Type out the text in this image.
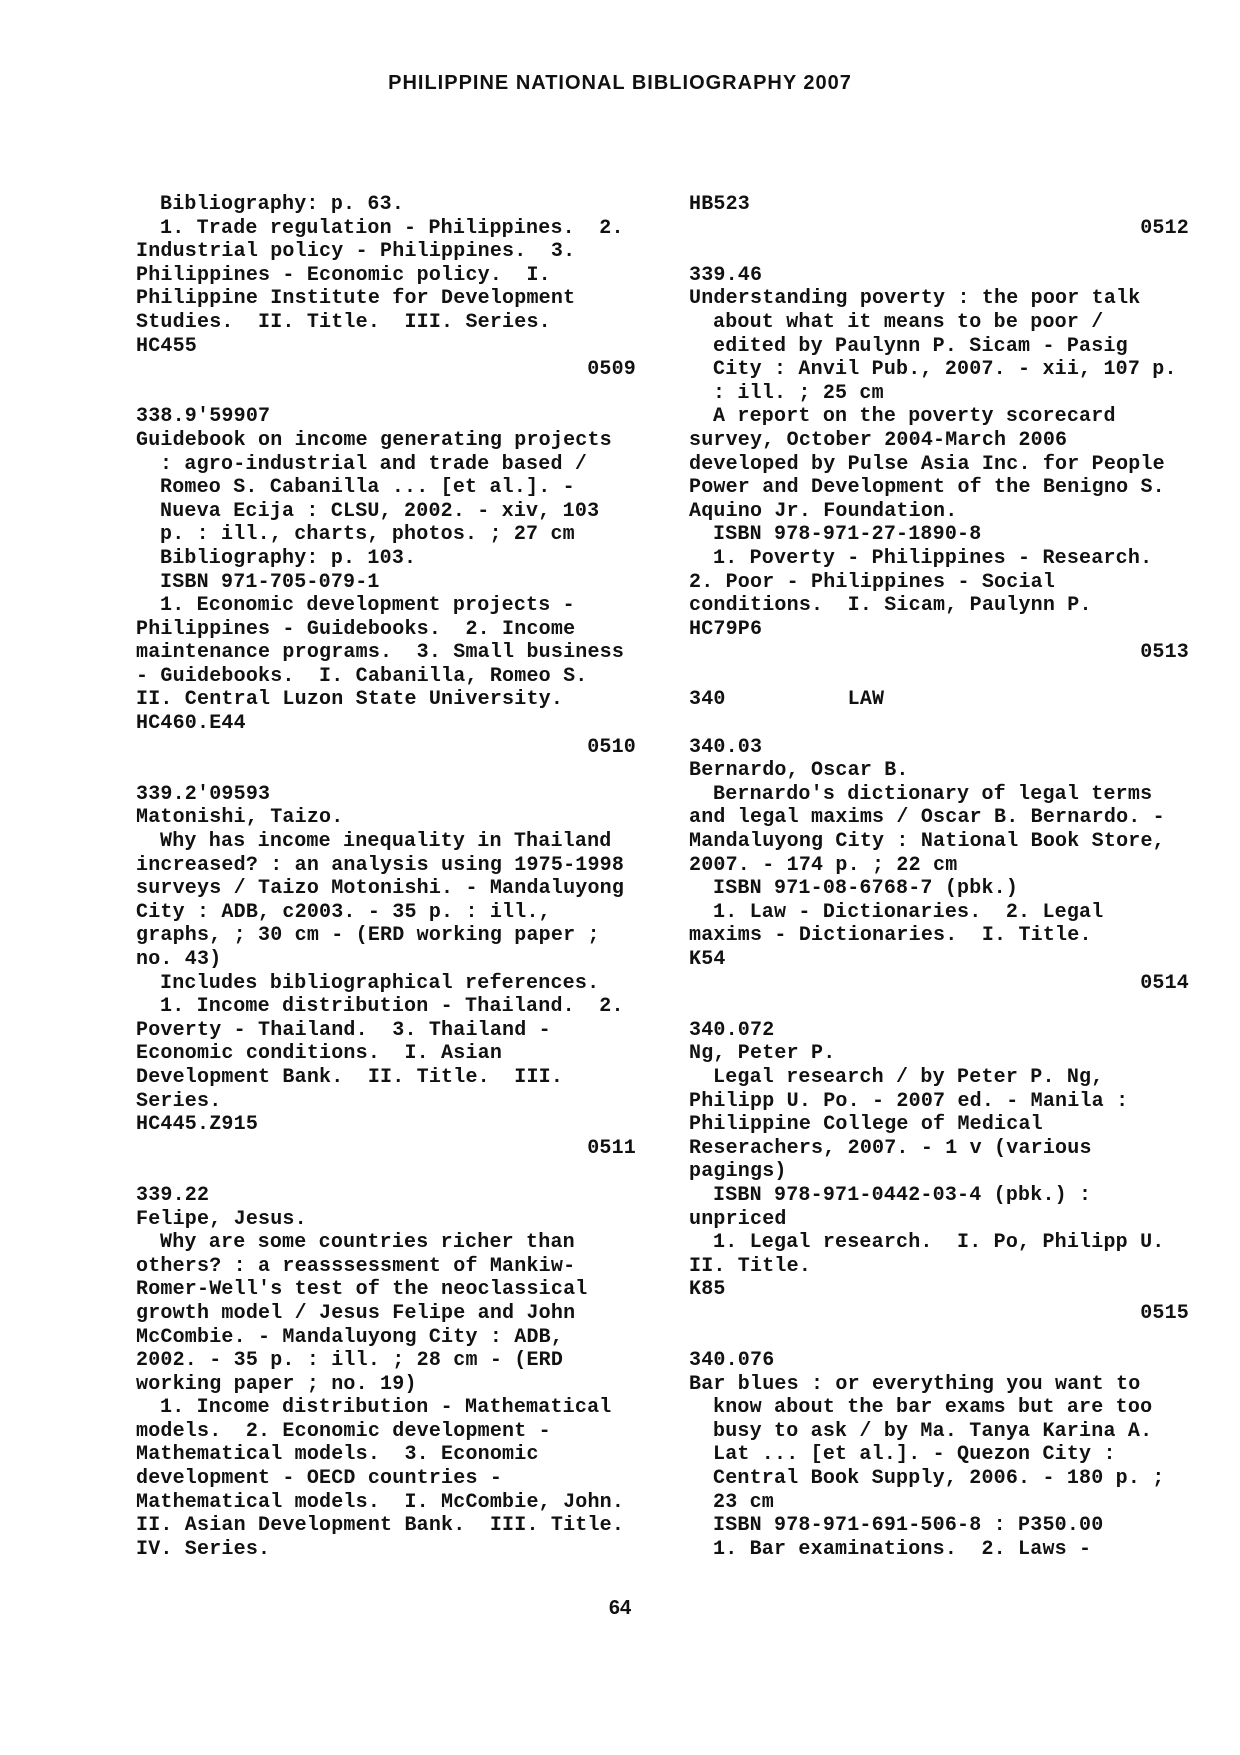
PHILIPPINE NATIONAL BIBLIOGRAPHY 2007
Bibliography: p. 63.
1. Trade regulation - Philippines.  2.
Industrial policy - Philippines.  3.
Philippines - Economic policy.  I.
Philippine Institute for Development
Studies.  II. Title.  III. Series.
HC455
0509
338.9'59907
Guidebook on income generating projects
: agro-industrial and trade based /
Romeo S. Cabanilla ... [et al.]. -
Nueva Ecija : CLSU, 2002. - xiv, 103
p. : ill., charts, photos. ; 27 cm
Bibliography: p. 103.
ISBN 971-705-079-1
1. Economic development projects -
Philippines - Guidebooks.  2. Income
maintenance programs.  3. Small business
- Guidebooks.  I. Cabanilla, Romeo S.
II. Central Luzon State University.
HC460.E44
0510
339.2'09593
Matonishi, Taizo.
Why has income inequality in Thailand
increased? : an analysis using 1975-1998
surveys / Taizo Motonishi. - Mandaluyong
City : ADB, c2003. - 35 p. : ill.,
graphs, ; 30 cm - (ERD working paper ;
no. 43)
Includes bibliographical references.
1. Income distribution - Thailand.  2.
Poverty - Thailand.  3. Thailand -
Economic conditions.  I. Asian
Development Bank.  II. Title.  III.
Series.
HC445.Z915
0511
339.22
Felipe, Jesus.
Why are some countries richer than
others? : a reasssessment of Mankiw-
Romer-Well's test of the neoclassical
growth model / Jesus Felipe and John
McCombie. - Mandaluyong City : ADB,
2002. - 35 p. : ill. ; 28 cm - (ERD
working paper ; no. 19)
1. Income distribution - Mathematical
models.  2. Economic development -
Mathematical models.  3. Economic
development - OECD countries -
Mathematical models.  I. McCombie, John.
II. Asian Development Bank.  III. Title.
IV. Series.
HB523
0512
339.46
Understanding poverty : the poor talk
about what it means to be poor /
edited by Paulynn P. Sicam - Pasig
City : Anvil Pub., 2007. - xii, 107 p.
: ill. ; 25 cm
A report on the poverty scorecard
survey, October 2004-March 2006
developed by Pulse Asia Inc. for People
Power and Development of the Benigno S.
Aquino Jr. Foundation.
ISBN 978-971-27-1890-8
1. Poverty - Philippines - Research.
2. Poor - Philippines - Social
conditions.  I. Sicam, Paulynn P.
HC79P6
0513
340          LAW
340.03
Bernardo, Oscar B.
Bernardo's dictionary of legal terms
and legal maxims / Oscar B. Bernardo. -
Mandaluyong City : National Book Store,
2007. - 174 p. ; 22 cm
ISBN 971-08-6768-7 (pbk.)
1. Law - Dictionaries.  2. Legal
maxims - Dictionaries.  I. Title.
K54
0514
340.072
Ng, Peter P.
Legal research / by Peter P. Ng,
Philipp U. Po. - 2007 ed. - Manila :
Philippine College of Medical
Reserachers, 2007. - 1 v (various
pagings)
ISBN 978-971-0442-03-4 (pbk.) :
unpriced
1. Legal research.  I. Po, Philipp U.
II. Title.
K85
0515
340.076
Bar blues : or everything you want to
know about the bar exams but are too
busy to ask / by Ma. Tanya Karina A.
Lat ... [et al.]. - Quezon City :
Central Book Supply, 2006. - 180 p. ;
23 cm
ISBN 978-971-691-506-8 : P350.00
1. Bar examinations.  2. Laws -
64
